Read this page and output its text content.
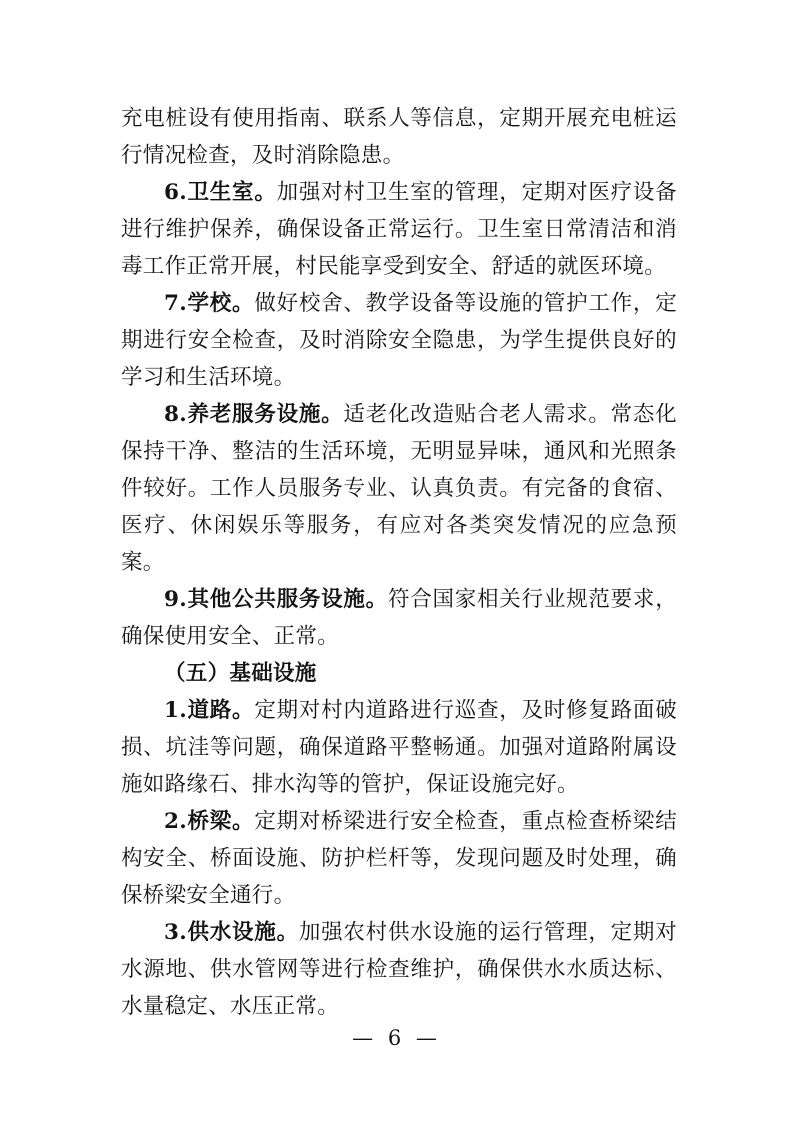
充电桩设有使用指南、联系人等信息，定期开展充电桩运行情况检查，及时消除隐患。

6.卫生室。加强对村卫生室的管理，定期对医疗设备进行维护保养，确保设备正常运行。卫生室日常清洁和消毒工作正常开展，村民能享受到安全、舒适的就医环境。

7.学校。做好校舍、教学设备等设施的管护工作，定期进行安全检查，及时消除安全隐患，为学生提供良好的学习和生活环境。

8.养老服务设施。适老化改造贴合老人需求。常态化保持干净、整洁的生活环境，无明显异味，通风和光照条件较好。工作人员服务专业、认真负责。有完备的食宿、医疗、休闲娱乐等服务，有应对各类突发情况的应急预案。

9.其他公共服务设施。符合国家相关行业规范要求，确保使用安全、正常。

（五）基础设施

1.道路。定期对村内道路进行巡查，及时修复路面破损、坑洼等问题，确保道路平整畅通。加强对道路附属设施如路缘石、排水沟等的管护，保证设施完好。

2.桥梁。定期对桥梁进行安全检查，重点检查桥梁结构安全、桥面设施、防护栏杆等，发现问题及时处理，确保桥梁安全通行。

3.供水设施。加强农村供水设施的运行管理，定期对水源地、供水管网等进行检查维护，确保供水水质达标、水量稳定、水压正常。

— 6 —
